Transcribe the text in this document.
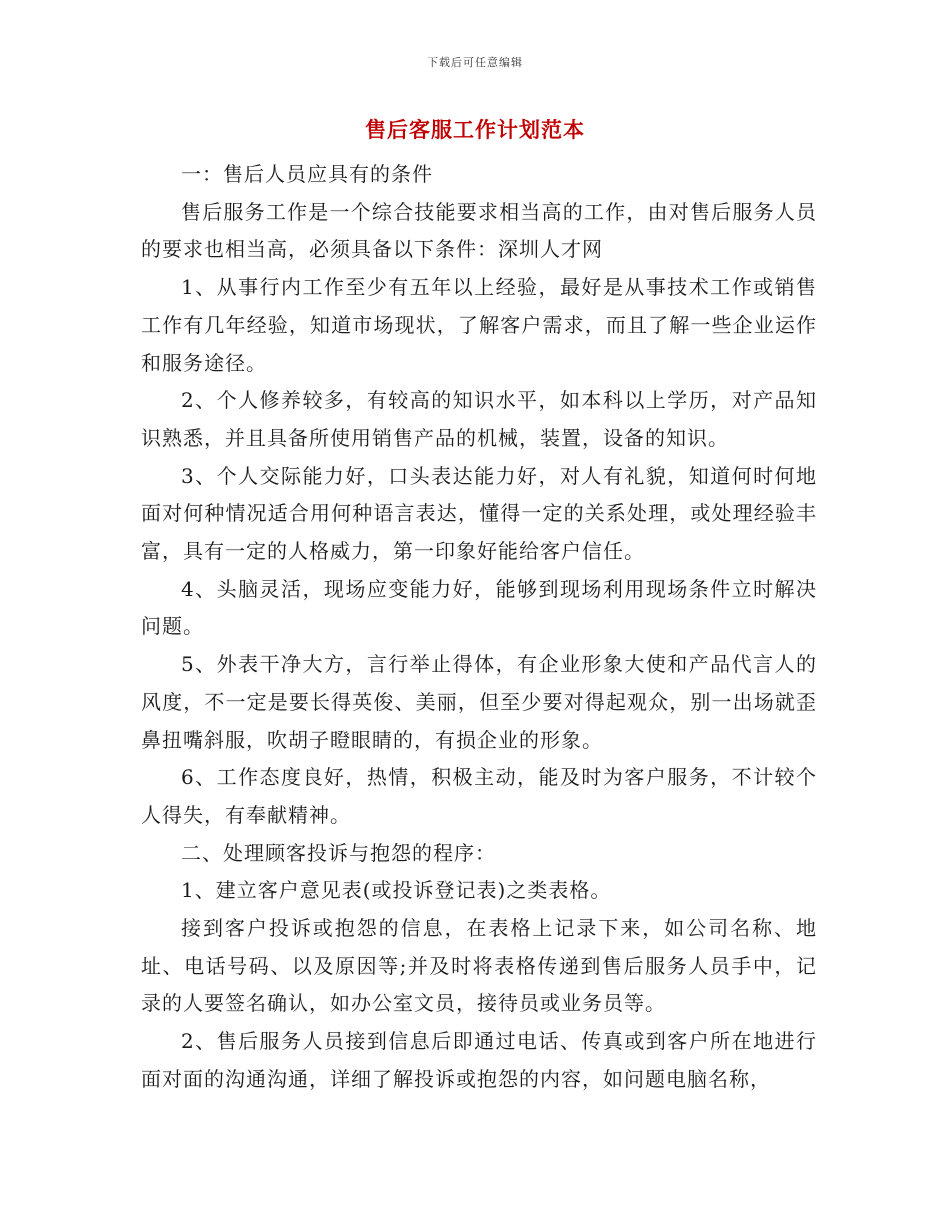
下载后可任意编辑
售后客服工作计划范本

一：售后人员应具有的条件

售后服务工作是一个综合技能要求相当高的工作，由对售后服务人员的要求也相当高，必须具备以下条件：深圳人才网

1、从事行内工作至少有五年以上经验，最好是从事技术工作或销售工作有几年经验，知道市场现状，了解客户需求，而且了解一些企业运作和服务途径。

2、个人修养较多，有较高的知识水平，如本科以上学历，对产品知识熟悉，并且具备所使用销售产品的机械，装置，设备的知识。

3、个人交际能力好，口头表达能力好，对人有礼貌，知道何时何地面对何种情况适合用何种语言表达，懂得一定的关系处理，或处理经验丰富，具有一定的人格威力，第一印象好能给客户信任。

4、头脑灵活，现场应变能力好，能够到现场利用现场条件立时解决问题。

5、外表干净大方，言行举止得体，有企业形象大使和产品代言人的风度，不一定是要长得英俊、美丽，但至少要对得起观众，别一出场就歪鼻扭嘴斜服，吹胡子瞪眼睛的，有损企业的形象。

6、工作态度良好，热情，积极主动，能及时为客户服务，不计较个人得失，有奉献精神。

二、处理顾客投诉与抱怨的程序：

1、建立客户意见表(或投诉登记表)之类表格。

接到客户投诉或抱怨的信息，在表格上记录下来，如公司名称、地址、电话号码、以及原因等;并及时将表格传递到售后服务人员手中，记录的人要签名确认，如办公室文员，接待员或业务员等。

2、售后服务人员接到信息后即通过电话、传真或到客户所在地进行面对面的沟通沟通，详细了解投诉或抱怨的内容，如问题电脑名称，
